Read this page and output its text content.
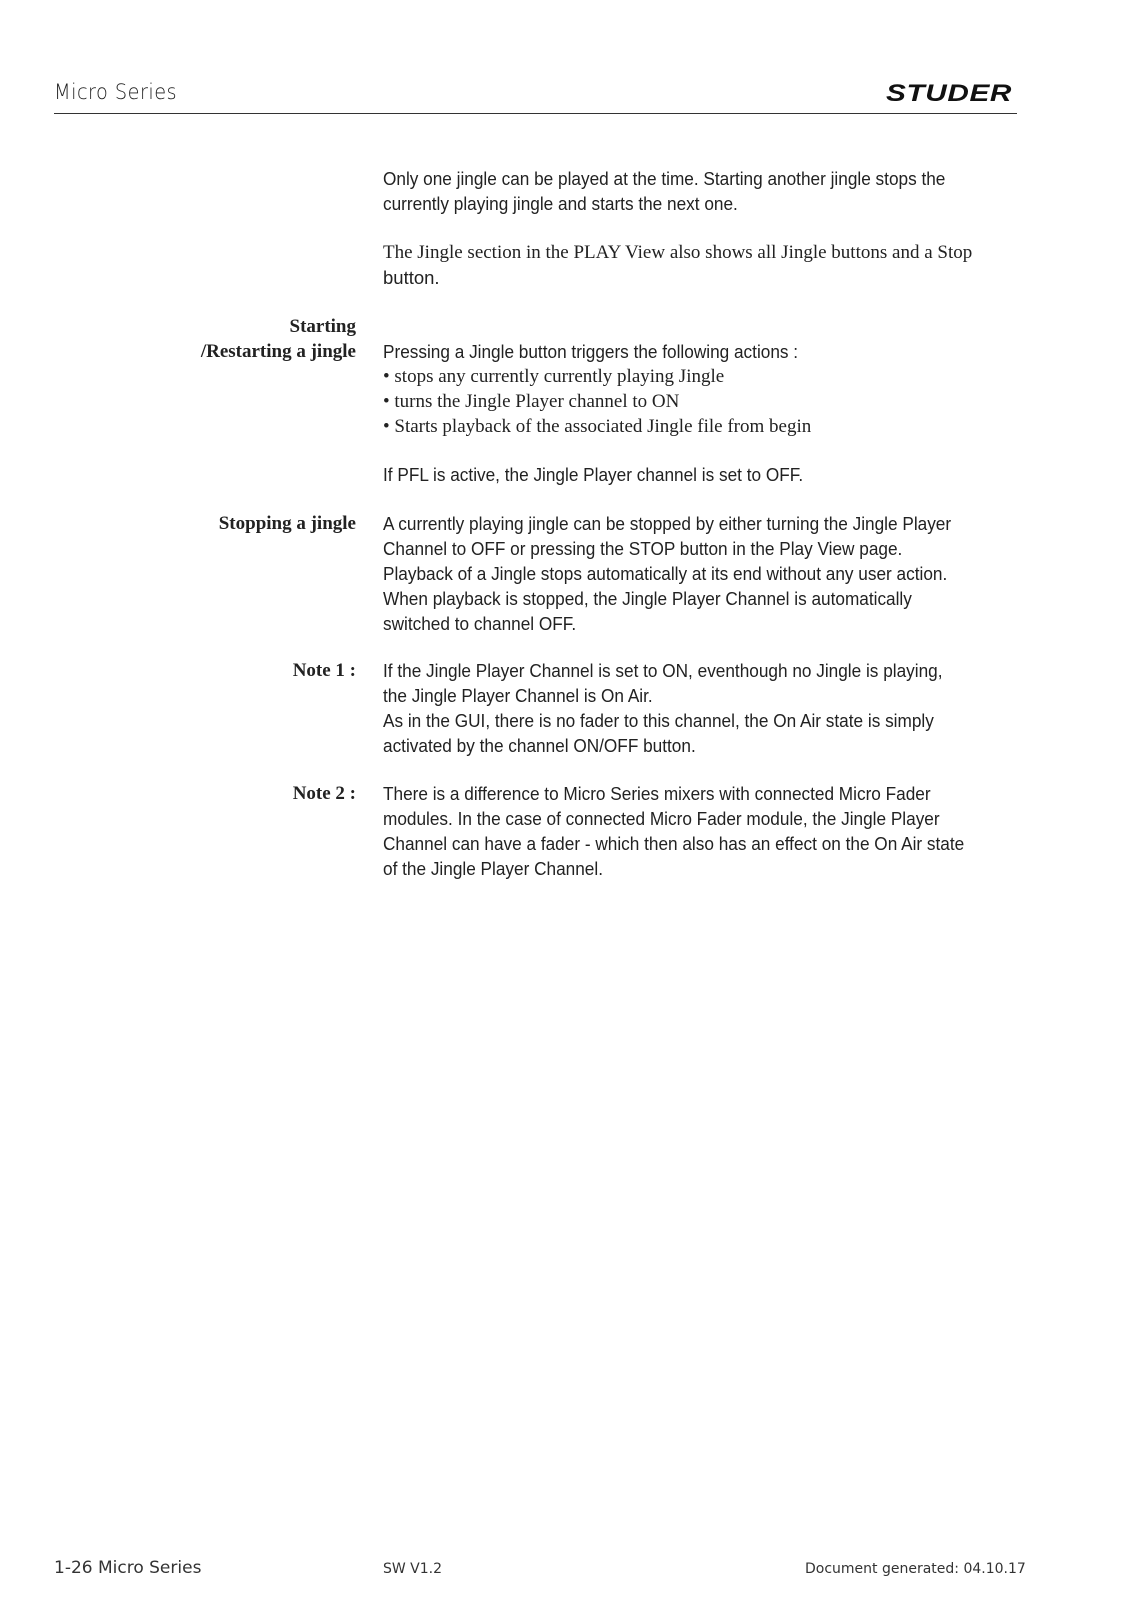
Micro Series	STUDER
Only one jingle can be played at the time. Starting another jingle stops the
currently playing jingle and starts the next one.
The Jingle section in the PLAY View also shows all Jingle buttons and a Stop
button.
Starting
/Restarting a jingle Pressing a Jingle button triggers the following actions :
• stops any currently currently playing Jingle
• turns the Jingle Player channel to ON
• Starts playback of the associated Jingle file from begin
If PFL is active, the Jingle Player channel is set to OFF.
Stopping a jingle A currently playing jingle can be stopped by either turning the Jingle Player
Channel to OFF or pressing the STOP button in the Play View page.
Playback of a Jingle stops automatically at its end without any user action.
When playback is stopped, the Jingle Player Channel is automatically
switched to channel OFF.
Note 1 : If the Jingle Player Channel is set to ON, eventhough no Jingle is playing,
the Jingle Player Channel is On Air.
As in the GUI, there is no fader to this channel, the On Air state is simply
activated by the channel ON/OFF button.
Note 2 : There is a difference to Micro Series mixers with connected Micro Fader
modules. In the case of connected Micro Fader module, the Jingle Player
Channel can have a fader - which then also has an effect on the On Air state
of the Jingle Player Channel.
1-26 Micro Series	SW V1.2	Document generated: 04.10.17
